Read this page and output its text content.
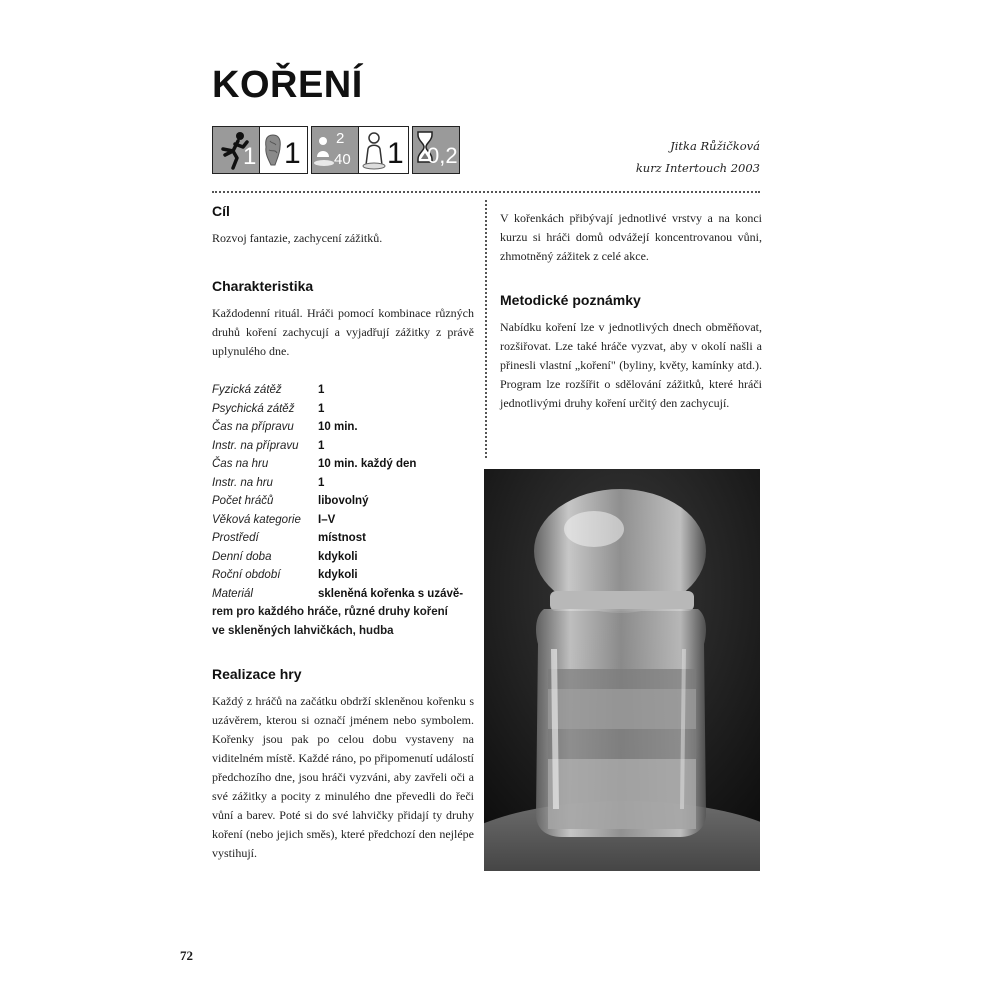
KOŘENÍ
1 1 2
40 1 0,2	Jitka Růžičková
kurz Intertouch 2003
Cíl

Rozvoj fantazie, zachycení zážitků.

Charakteristika

Každodenní rituál. Hráči pomocí kombinace různých druhů koření zachycují a vyjadřují zážitky z právě uplynulého dne.

Fyzická zátěž	1
Psychická zátěž	1
Čas na přípravu	10 min.
Instr. na přípravu	1
Čas na hru	10 min. každý den
Instr. na hru	1
Počet hráčů	libovolný
Věková kategorie	I–V
Prostředí	místnost
Denní doba	kdykoli
Roční období	kdykoli
Materiál	skleněná kořenka s uzávě-
rem pro každého hráče, různé druhy koření
ve skleněných lahvičkách, hudba
Realizace hry

Každý z hráčů na začátku obdrží skleněnou kořenku s uzávěrem, kterou si označí jménem nebo symbolem. Kořenky jsou pak po celou dobu vystaveny na viditelném místě. Každé ráno, po připomenutí událostí předchozího dne, jsou hráči vyzváni, aby zavřeli oči a své zážitky a pocity z minulého dne převedli do řeči vůní a barev. Poté si do své lahvičky přidají ty druhy koření (nebo jejich směs), které předchozí den nejlépe vystihují.

V kořenkách přibývají jednotlivé vrstvy a na konci kurzu si hráči domů odvážejí koncentrovanou vůni, zhmotněný zážitek z celé akce.

Metodické poznámky

Nabídku koření lze v jednotlivých dnech obměňovat, rozšiřovat. Lze také hráče vyzvat, aby v okolí našli a přinesli vlastní „koření" (byliny, květy, kamínky atd.). Program lze rozšířit o sdělování zážitků, které hráči jednotlivými druhy koření určitý den zachycují.

72
